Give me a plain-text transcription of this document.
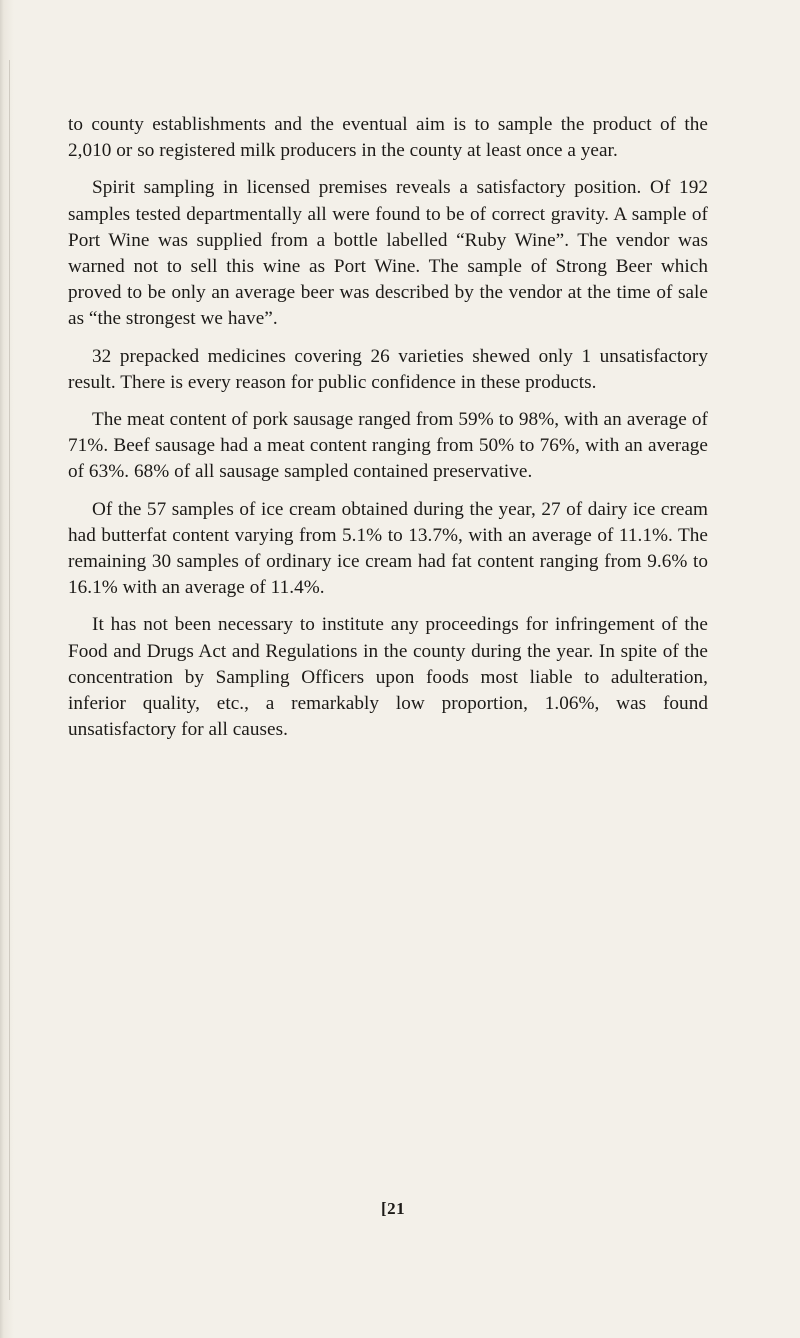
to county establishments and the eventual aim is to sample the product of the 2,010 or so registered milk producers in the county at least once a year.

Spirit sampling in licensed premises reveals a satisfactory position. Of 192 samples tested departmentally all were found to be of correct gravity. A sample of Port Wine was supplied from a bottle labelled “Ruby Wine”. The vendor was warned not to sell this wine as Port Wine. The sample of Strong Beer which proved to be only an average beer was described by the vendor at the time of sale as “the strongest we have”.

32 prepacked medicines covering 26 varieties shewed only 1 unsatisfactory result. There is every reason for public confidence in these products.

The meat content of pork sausage ranged from 59% to 98%, with an average of 71%. Beef sausage had a meat content ranging from 50% to 76%, with an average of 63%. 68% of all sausage sampled contained preservative.

Of the 57 samples of ice cream obtained during the year, 27 of dairy ice cream had butterfat content varying from 5.1% to 13.7%, with an average of 11.1%. The remaining 30 samples of ordinary ice cream had fat content ranging from 9.6% to 16.1% with an average of 11.4%.

It has not been necessary to institute any proceedings for infringement of the Food and Drugs Act and Regulations in the county during the year. In spite of the concentration by Sampling Officers upon foods most liable to adulteration, inferior quality, etc., a remarkably low proportion, 1.06%, was found unsatisfactory for all causes.

[21
